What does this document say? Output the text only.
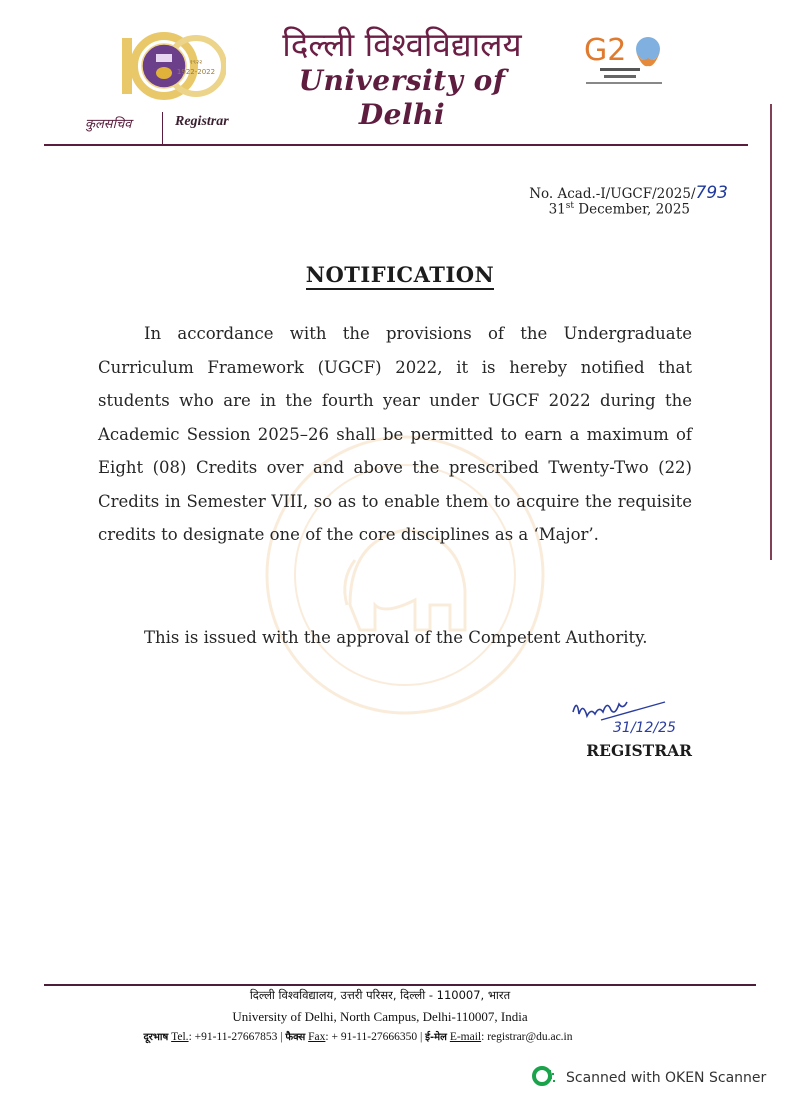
१९२२
1922-2022
दिल्ली विश्वविद्यालय
University of Delhi
G2
कुलसचिव	Registrar
No. Acad.-I/UGCF/2025/793
31st December, 2025
NOTIFICATION
In accordance with the provisions of the Undergraduate Curriculum Framework (UGCF) 2022, it is hereby notified that students who are in the fourth year under UGCF 2022 during the Academic Session 2025–26 shall be permitted to earn a maximum of Eight (08) Credits over and above the prescribed Twenty-Two (22) Credits in Semester VIII, so as to enable them to acquire the requisite credits to designate one of the core disciplines as a ‘Major’.
This is issued with the approval of the Competent Authority.
31/12/25
REGISTRAR
दिल्ली विश्वविद्यालय, उत्तरी परिसर, दिल्ली - 110007, भारत
University of Delhi, North Campus, Delhi-110007, India
दूरभाष Tel.: +91-11-27667853 | फैक्स Fax: + 91-11-27666350 | ई-मेल E-mail: registrar@du.ac.in
Scanned with OKEN Scanner
